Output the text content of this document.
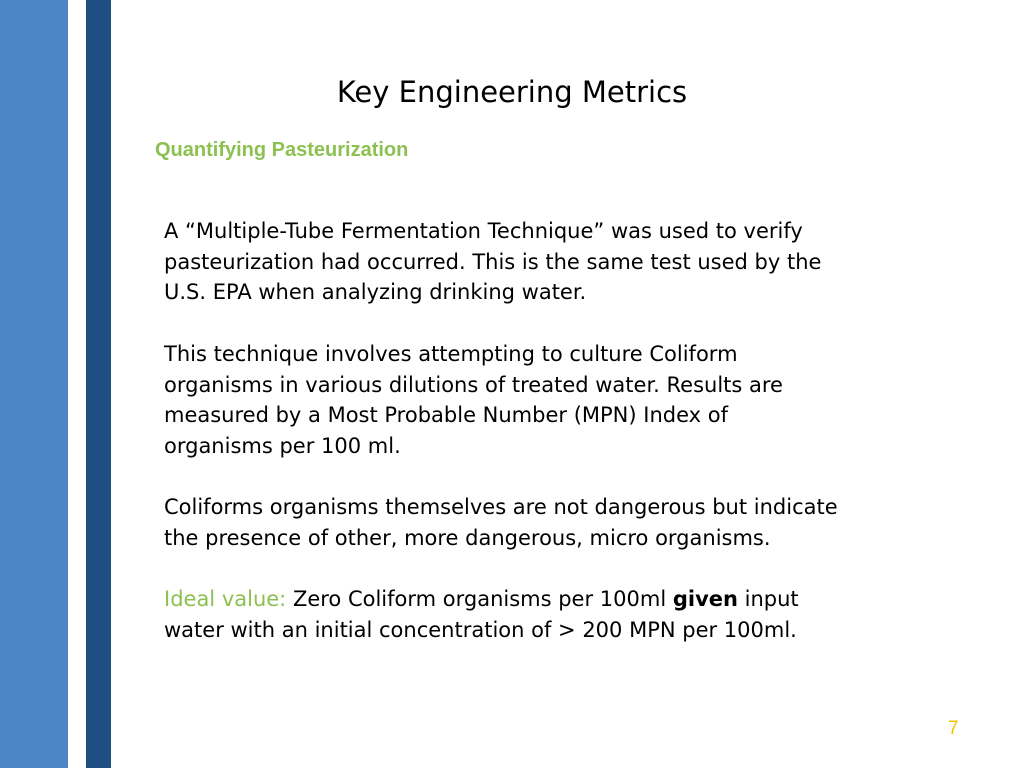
Key Engineering Metrics
Quantifying Pasteurization

A “Multiple-Tube Fermentation Technique” was used to verify
pasteurization had occurred. This is the same test used by the
U.S. EPA when analyzing drinking water.

This technique involves attempting to culture Coliform
organisms in various dilutions of treated water. Results are
measured by a Most Probable Number (MPN) Index of
organisms per 100 ml.

Coliforms organisms themselves are not dangerous but indicate
the presence of other, more dangerous, micro organisms.

Ideal value: Zero Coliform organisms per 100ml given input
water with an initial concentration of > 200 MPN per 100ml.

7
